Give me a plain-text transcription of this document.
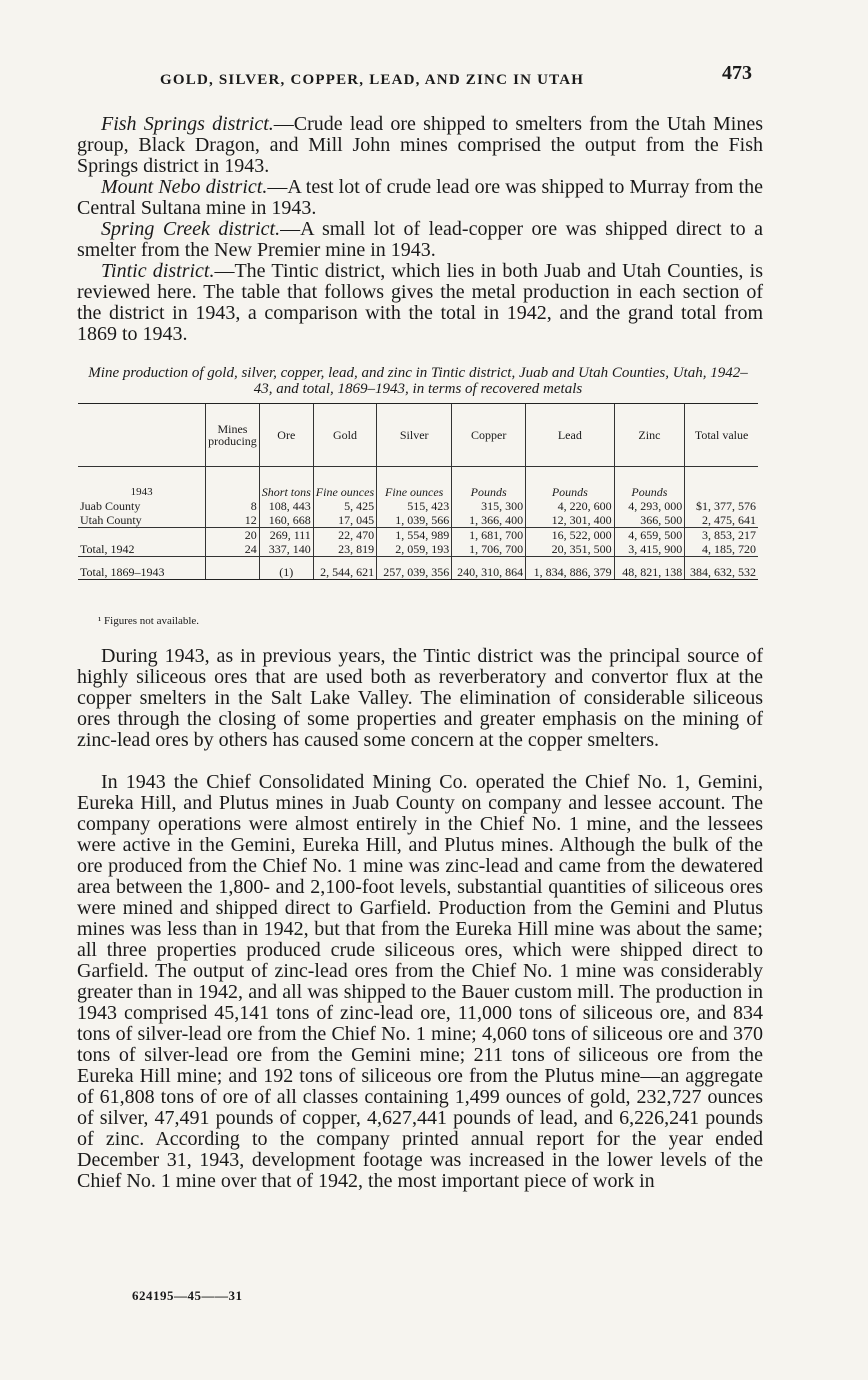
GOLD, SILVER, COPPER, LEAD, AND ZINC IN UTAH	473
Fish Springs district.—Crude lead ore shipped to smelters from the Utah Mines group, Black Dragon, and Mill John mines comprised the output from the Fish Springs district in 1943.
Mount Nebo district.—A test lot of crude lead ore was shipped to Murray from the Central Sultana mine in 1943.
Spring Creek district.—A small lot of lead-copper ore was shipped direct to a smelter from the New Premier mine in 1943.
Tintic district.—The Tintic district, which lies in both Juab and Utah Counties, is reviewed here. The table that follows gives the metal production in each section of the district in 1943, a comparison with the total in 1942, and the grand total from 1869 to 1943.
Mine production of gold, silver, copper, lead, and zinc in Tintic district, Juab and Utah Counties, Utah, 1942–43, and total, 1869–1943, in terms of recovered metals
	Mines producing	Ore	Gold	Silver	Copper	Lead	Zinc	Total value
1943		Short tons	Fine ounces	Fine ounces	Pounds	Pounds	Pounds	
Juab County	8	108, 443	5, 425	515, 423	315, 300	4, 220, 600	4, 293, 000	$1, 377, 576
Utah County	12	160, 668	17, 045	1, 039, 566	1, 366, 400	12, 301, 400	366, 500	2, 475, 641
	20	269, 111	22, 470	1, 554, 989	1, 681, 700	16, 522, 000	4, 659, 500	3, 853, 217
Total, 1942	24	337, 140	23, 819	2, 059, 193	1, 706, 700	20, 351, 500	3, 415, 900	4, 185, 720
Total, 1869–1943		(1)	2, 544, 621	257, 039, 356	240, 310, 864	1, 834, 886, 379	48, 821, 138	384, 632, 532
¹ Figures not available.
During 1943, as in previous years, the Tintic district was the principal source of highly siliceous ores that are used both as reverberatory and convertor flux at the copper smelters in the Salt Lake Valley. The elimination of considerable siliceous ores through the closing of some properties and greater emphasis on the mining of zinc-lead ores by others has caused some concern at the copper smelters.
In 1943 the Chief Consolidated Mining Co. operated the Chief No. 1, Gemini, Eureka Hill, and Plutus mines in Juab County on company and lessee account. The company operations were almost entirely in the Chief No. 1 mine, and the lessees were active in the Gemini, Eureka Hill, and Plutus mines. Although the bulk of the ore produced from the Chief No. 1 mine was zinc-lead and came from the dewatered area between the 1,800- and 2,100-foot levels, substantial quantities of siliceous ores were mined and shipped direct to Garfield. Production from the Gemini and Plutus mines was less than in 1942, but that from the Eureka Hill mine was about the same; all three properties produced crude siliceous ores, which were shipped direct to Garfield. The output of zinc-lead ores from the Chief No. 1 mine was considerably greater than in 1942, and all was shipped to the Bauer custom mill. The production in 1943 comprised 45,141 tons of zinc-lead ore, 11,000 tons of siliceous ore, and 834 tons of silver-lead ore from the Chief No. 1 mine; 4,060 tons of siliceous ore and 370 tons of silver-lead ore from the Gemini mine; 211 tons of siliceous ore from the Eureka Hill mine; and 192 tons of siliceous ore from the Plutus mine—an aggregate of 61,808 tons of ore of all classes containing 1,499 ounces of gold, 232,727 ounces of silver, 47,491 pounds of copper, 4,627,441 pounds of lead, and 6,226,241 pounds of zinc. According to the company printed annual report for the year ended December 31, 1943, development footage was increased in the lower levels of the Chief No. 1 mine over that of 1942, the most important piece of work in
624195—45——31
